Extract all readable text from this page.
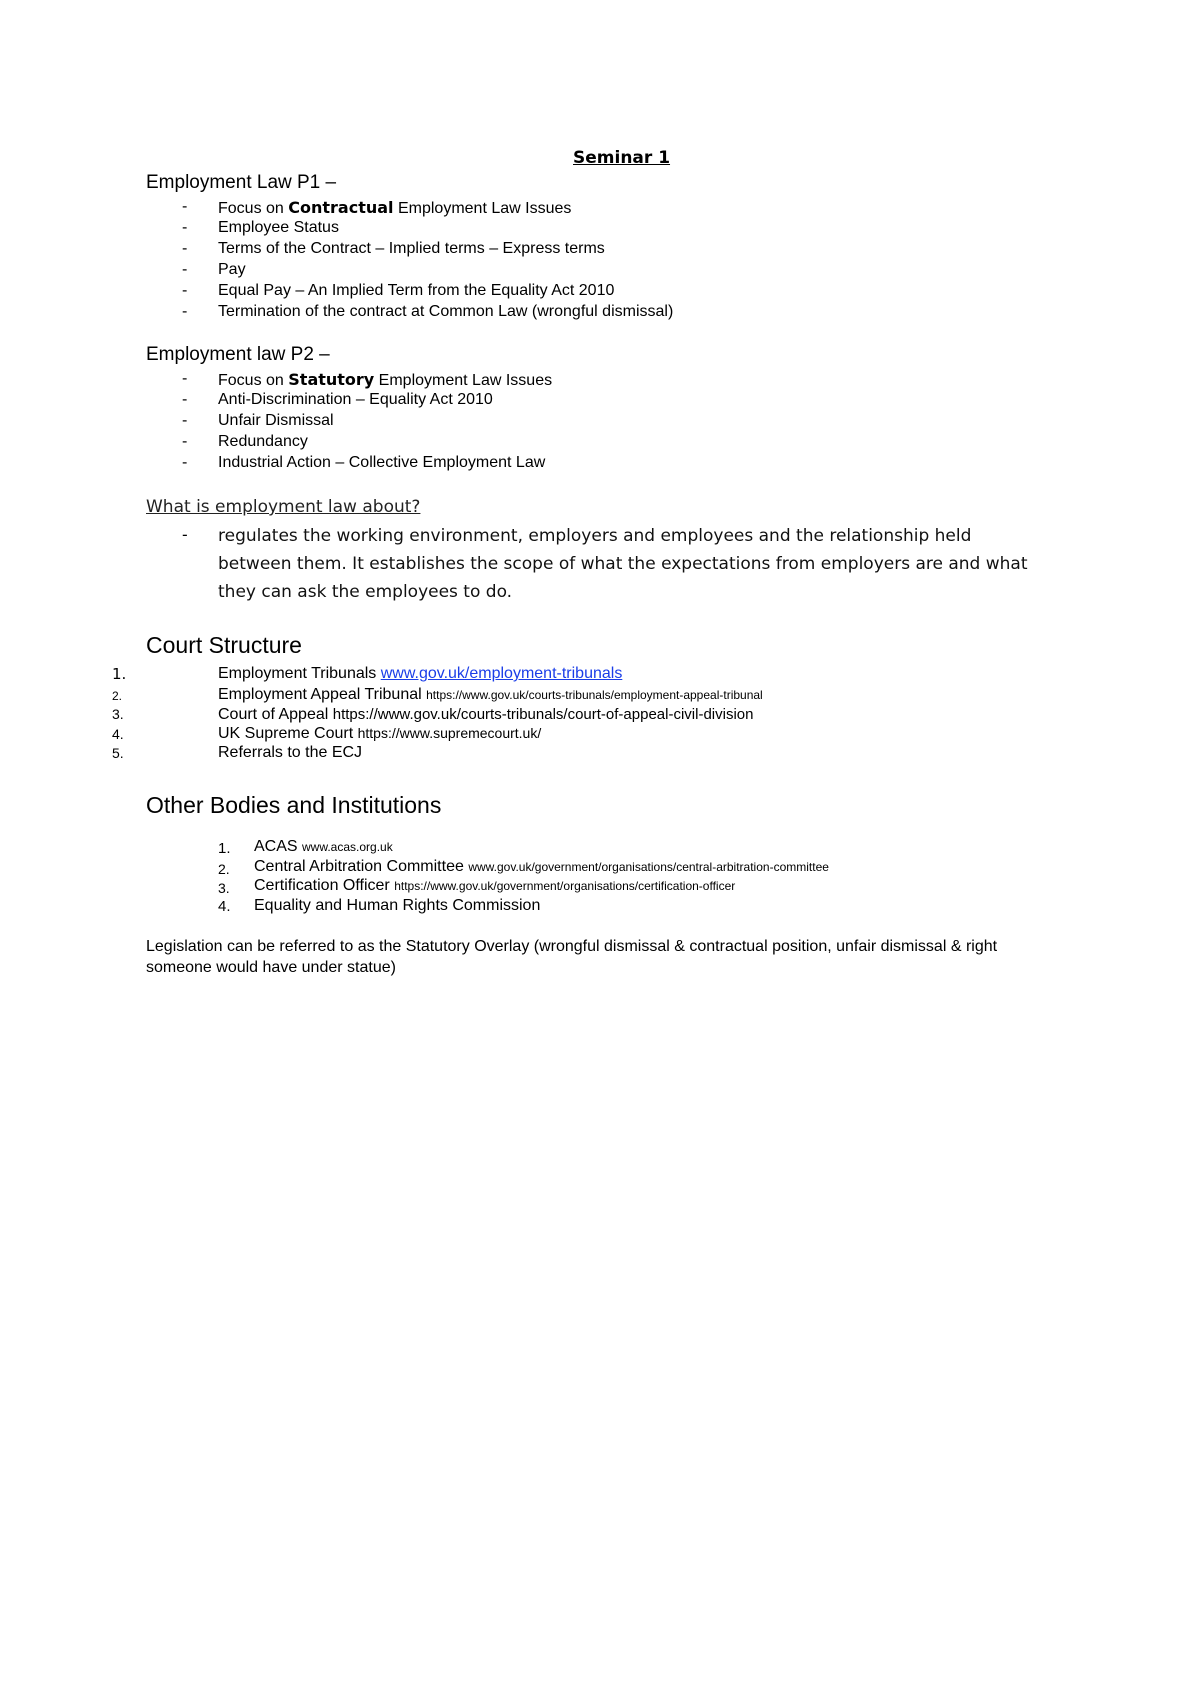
Seminar 1
Employment Law P1 –
- Focus on Contractual Employment Law Issues
- Employee Status
- Terms of the Contract – Implied terms – Express terms
- Pay
- Equal Pay – An Implied Term from the Equality Act 2010
- Termination of the contract at Common Law (wrongful dismissal)
Employment law P2 –
- Focus on Statutory Employment Law Issues
- Anti-Discrimination – Equality Act 2010
- Unfair Dismissal
- Redundancy
- Industrial Action – Collective Employment Law
What is employment law about?
- regulates the working environment, employers and employees and the relationship held between them. It establishes the scope of what the expectations from employers are and what they can ask the employees to do.
Court Structure
1.	Employment Tribunals www.gov.uk/employment-tribunals
2.	Employment Appeal Tribunal https://www.gov.uk/courts-tribunals/employment-appeal-tribunal
3.	Court of Appeal https://www.gov.uk/courts-tribunals/court-of-appeal-civil-division
4.	UK Supreme Court https://www.supremecourt.uk/
5.	Referrals to the ECJ
Other Bodies and Institutions
1. ACAS www.acas.org.uk
2. Central Arbitration Committee www.gov.uk/government/organisations/central-arbitration-committee
3. Certification Officer https://www.gov.uk/government/organisations/certification-officer
4. Equality and Human Rights Commission
Legislation can be referred to as the Statutory Overlay (wrongful dismissal & contractual position, unfair dismissal & right someone would have under statue)
